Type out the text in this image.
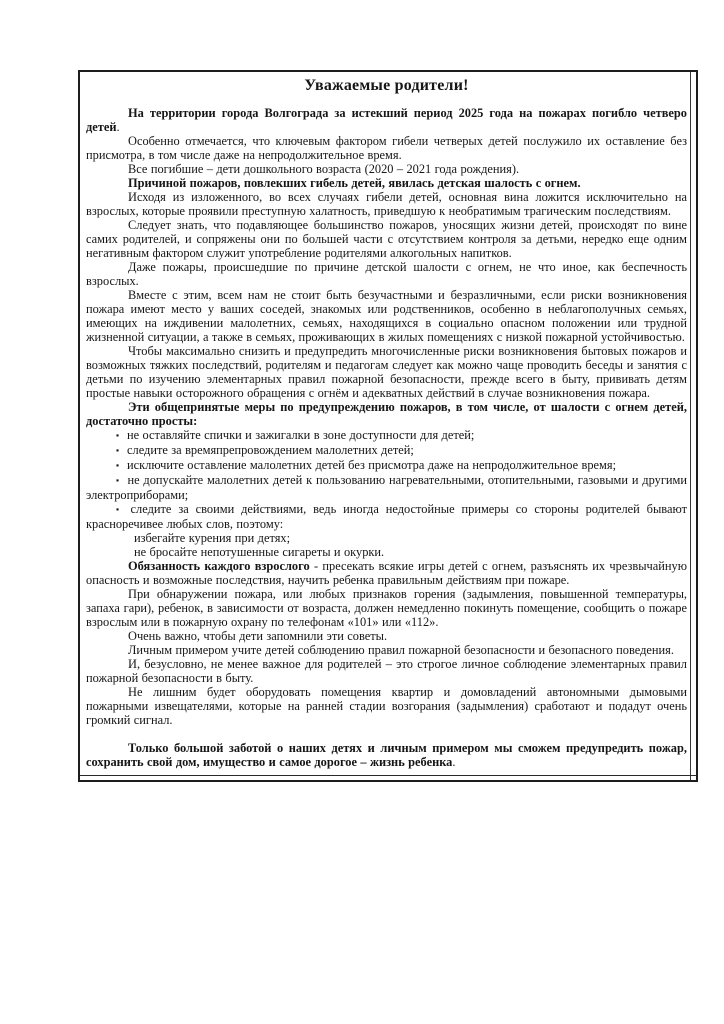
Уважаемые родители!

На территории города Волгограда за истекший период 2025 года на пожарах погибло четверо детей.

Особенно отмечается, что ключевым фактором гибели четверых детей послужило их оставление без присмотра, в том числе даже на непродолжительное время.

Все погибшие – дети дошкольного возраста (2020 – 2021 года рождения).

Причиной пожаров, повлекших гибель детей, явилась детская шалость с огнем.

Исходя из изложенного, во всех случаях гибели детей, основная вина ложится исключительно на взрослых, которые проявили преступную халатность, приведшую к необратимым трагическим последствиям.

Следует знать, что подавляющее большинство пожаров, уносящих жизни детей, происходят по вине самих родителей, и сопряжены они по большей части с отсутствием контроля за детьми, нередко еще одним негативным фактором служит употребление родителями алкогольных напитков.

Даже пожары, происшедшие по причине детской шалости с огнем, не что иное, как беспечность взрослых.

Вместе с этим, всем нам не стоит быть безучастными и безразличными, если риски возникновения пожара имеют место у ваших соседей, знакомых или родственников, особенно в неблагополучных семьях, имеющих на иждивении малолетних, семьях, находящихся в социально опасном положении или трудной жизненной ситуации, а также в семьях, проживающих в жилых помещениях с низкой пожарной устойчивостью.

Чтобы максимально снизить и предупредить многочисленные риски возникновения бытовых пожаров и возможных тяжких последствий, родителям и педагогам следует как можно чаще проводить беседы и занятия с детьми по изучению элементарных правил пожарной безопасности, прежде всего в быту, прививать детям простые навыки осторожного обращения с огнём и адекватных действий в случае возникновения пожара.

Эти общепринятые меры по предупреждению пожаров, в том числе, от шалости с огнем детей, достаточно просты:

▪ не оставляйте спички и зажигалки в зоне доступности для детей;

▪ следите за времяпрепровождением малолетних детей;

▪ исключите оставление малолетних детей без присмотра даже на непродолжительное время;

▪ не допускайте малолетних детей к пользованию нагревательными, отопительными, газовыми и другими электроприборами;

▪ следите за своими действиями, ведь иногда недостойные примеры со стороны родителей бывают красноречивее любых слов, поэтому:

избегайте курения при детях;

не бросайте непотушенные сигареты и окурки.

Обязанность каждого взрослого - пресекать всякие игры детей с огнем, разъяснять их чрезвычайную опасность и возможные последствия, научить ребенка правильным действиям при пожаре.

При обнаружении пожара, или любых признаков горения (задымления, повышенной температуры, запаха гари), ребенок, в зависимости от возраста, должен немедленно покинуть помещение, сообщить о пожаре взрослым или в пожарную охрану по телефонам «101» или «112».

Очень важно, чтобы дети запомнили эти советы.

Личным примером учите детей соблюдению правил пожарной безопасности и безопасного поведения.

И, безусловно, не менее важное для родителей – это строгое личное соблюдение элементарных правил пожарной безопасности в быту.

Не лишним будет оборудовать помещения квартир и домовладений автономными дымовыми пожарными извещателями, которые на ранней стадии возгорания (задымления) сработают и подадут очень громкий сигнал.

Только большой заботой о наших детях и личным примером мы сможем предупредить пожар, сохранить свой дом, имущество и самое дорогое – жизнь ребенка.
